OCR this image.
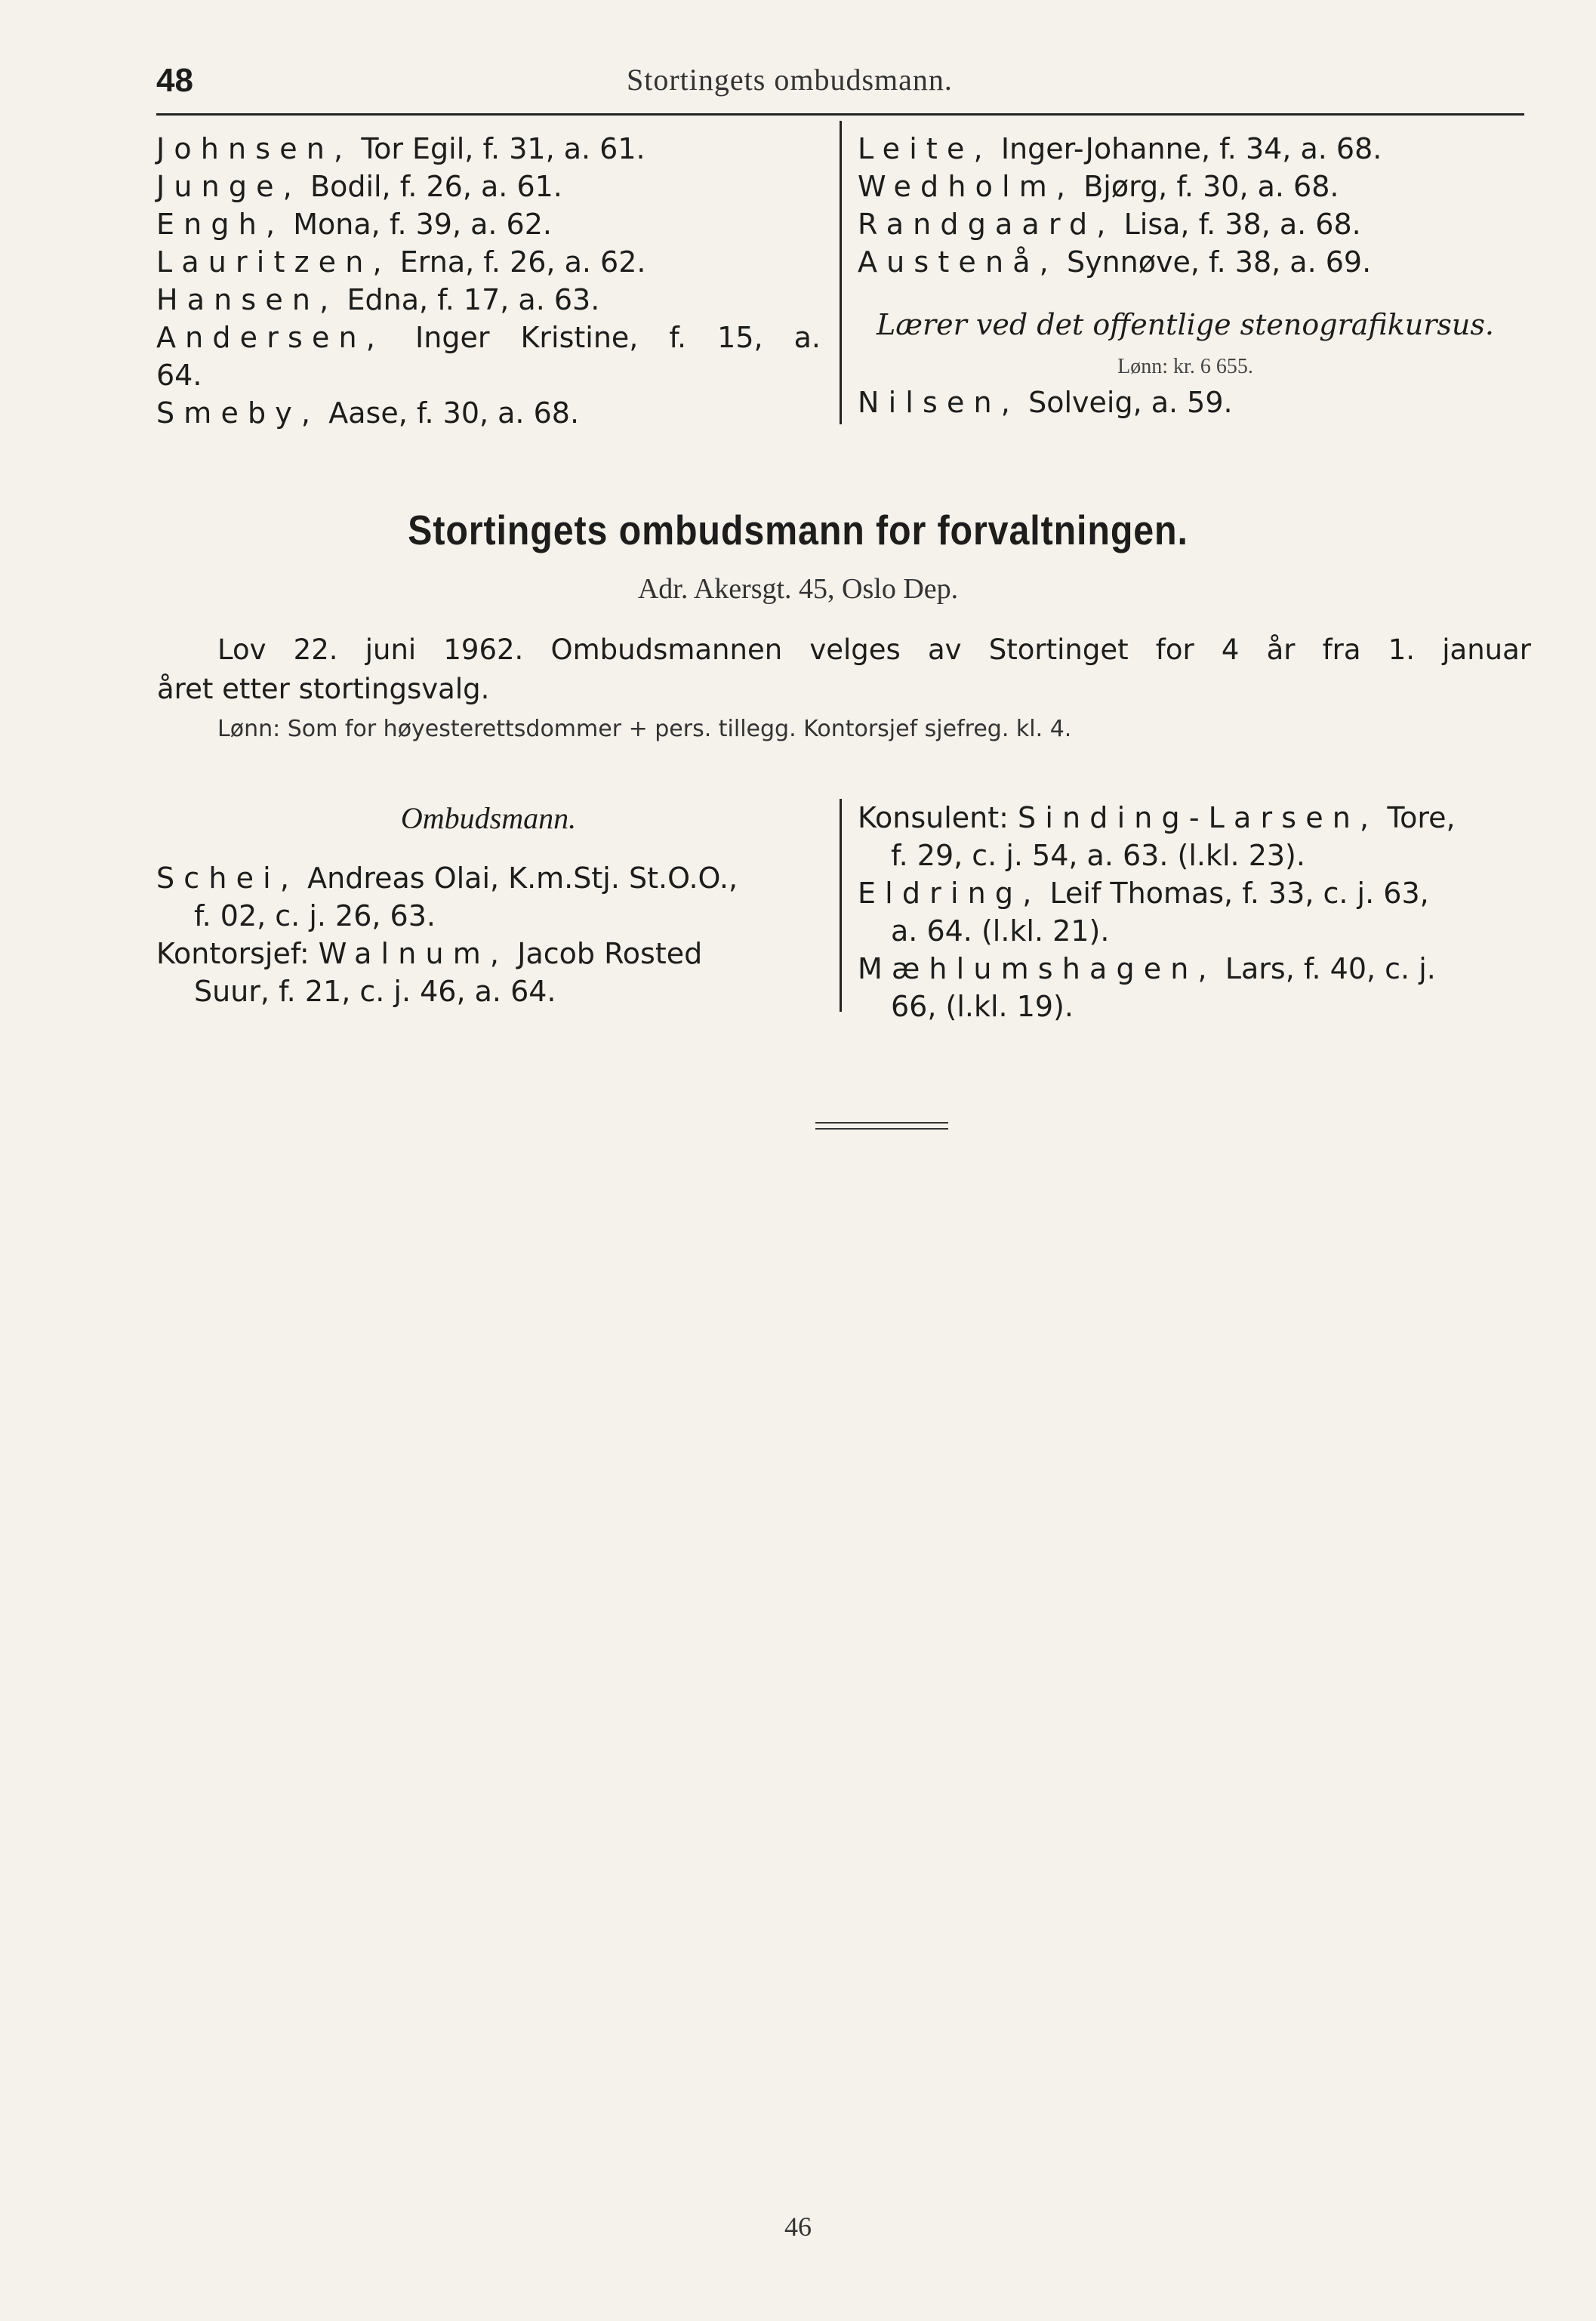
48	Stortingets ombudsmann.
Johnsen, Tor Egil, f. 31, a. 61.
Junge, Bodil, f. 26, a. 61.
Engh, Mona, f. 39, a. 62.
Lauritzen, Erna, f. 26, a. 62.
Hansen, Edna, f. 17, a. 63.
Andersen, Inger Kristine, f. 15, a.
64.
Smeby, Aase, f. 30, a. 68.
Leite, Inger-Johanne, f. 34, a. 68.
Wedholm, Bjørg, f. 30, a. 68.
Randgaard, Lisa, f. 38, a. 68.
Austenå, Synnøve, f. 38, a. 69.
Lærer ved det offentlige stenografikursus.
Lønn: kr. 6 655.
Nilsen, Solveig, a. 59.
Stortingets ombudsmann for forvaltningen.
Adr. Akersgt. 45, Oslo Dep.
Lov 22. juni 1962. Ombudsmannen velges av Stortinget for 4 år fra 1. januar
året etter stortingsvalg.
Lønn: Som for høyesterettsdommer + pers. tillegg. Kontorsjef sjefreg. kl. 4.
Ombudsmann.
Schei, Andreas Olai, K.m.Stj. St.O.O.,
f. 02, c. j. 26, 63.
Kontorsjef: Walnum, Jacob Rosted
Suur, f. 21, c. j. 46, a. 64.
Konsulent: Sinding-Larsen, Tore,
f. 29, c. j. 54, a. 63. (l.kl. 23).
Eldring, Leif Thomas, f. 33, c. j. 63,
a. 64. (l.kl. 21).
Mæhlumshagen, Lars, f. 40, c. j.
66, (l.kl. 19).
46
